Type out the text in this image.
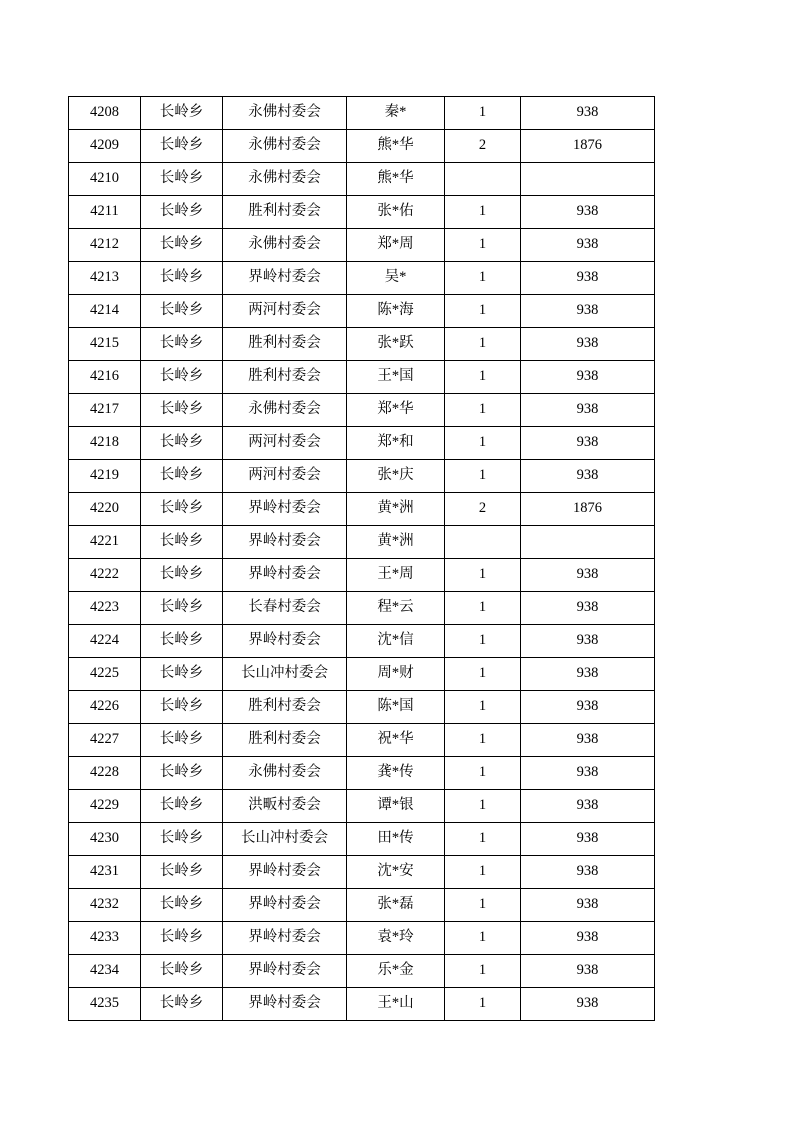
4208	长岭乡	永佛村委会	秦*	1	938
4209	长岭乡	永佛村委会	熊*华	2	1876
4210	长岭乡	永佛村委会	熊*华		
4211	长岭乡	胜利村委会	张*佑	1	938
4212	长岭乡	永佛村委会	郑*周	1	938
4213	长岭乡	界岭村委会	吴*	1	938
4214	长岭乡	两河村委会	陈*海	1	938
4215	长岭乡	胜利村委会	张*跃	1	938
4216	长岭乡	胜利村委会	王*国	1	938
4217	长岭乡	永佛村委会	郑*华	1	938
4218	长岭乡	两河村委会	郑*和	1	938
4219	长岭乡	两河村委会	张*庆	1	938
4220	长岭乡	界岭村委会	黄*洲	2	1876
4221	长岭乡	界岭村委会	黄*洲		
4222	长岭乡	界岭村委会	王*周	1	938
4223	长岭乡	长春村委会	程*云	1	938
4224	长岭乡	界岭村委会	沈*信	1	938
4225	长岭乡	长山冲村委会	周*财	1	938
4226	长岭乡	胜利村委会	陈*国	1	938
4227	长岭乡	胜利村委会	祝*华	1	938
4228	长岭乡	永佛村委会	龚*传	1	938
4229	长岭乡	洪畈村委会	谭*银	1	938
4230	长岭乡	长山冲村委会	田*传	1	938
4231	长岭乡	界岭村委会	沈*安	1	938
4232	长岭乡	界岭村委会	张*磊	1	938
4233	长岭乡	界岭村委会	袁*玲	1	938
4234	长岭乡	界岭村委会	乐*金	1	938
4235	长岭乡	界岭村委会	王*山	1	938
